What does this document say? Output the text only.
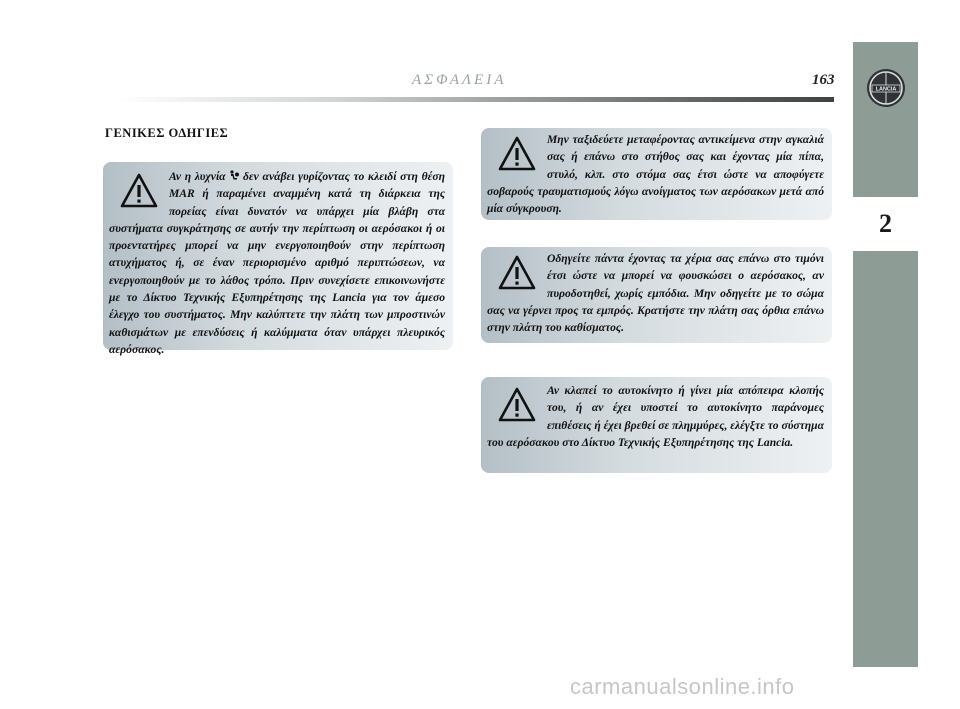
ΑΣΦΑΛΕΙΑ	163
LANCIA
2
ΓΕΝΙΚΕΣ ΟΔΗΓΙΕΣ

Αν η λυχνία  δεν ανάβει γυρίζοντας το κλειδί στη θέση MAR ή παραμένει αναμμένη κατά τη διάρκεια της πορείας είναι δυνατόν να υπάρχει μία βλάβη στα συστήματα συγκράτησης σε αυτήν την περίπτωση οι αερόσακοι ή οι προεντατήρες μπορεί να μην ενεργοποιηθούν στην περίπτωση ατυχήματος ή, σε έναν περιορισμένο αριθμό περιπτώσεων, να ενεργοποιηθούν με το λάθος τρόπο. Πριν συνεχίσετε επικοινωνήστε με το Δίκτυο Τεχνικής Εξυπηρέτησης της Lancia για τον άμεσο έλεγχο του συστήματος. Μην καλύπτετε την πλάτη των μπροστινών καθισμάτων με επενδύσεις ή καλύμματα όταν υπάρχει πλευρικός αερόσακος.

Μην ταξιδεύετε μεταφέροντας αντικείμενα στην αγκαλιά σας ή επάνω στο στήθος σας και έχοντας μία πίπα, στυλό, κλπ. στο στόμα σας έτσι ώστε να αποφύγετε σοβαρούς τραυματισμούς λόγω ανοίγματος των αερόσακων μετά από μία σύγκρουση.

Οδηγείτε πάντα έχοντας τα χέρια σας επάνω στο τιμόνι έτσι ώστε να μπορεί να φουσκώσει ο αερόσακος, αν πυροδοτηθεί, χωρίς εμπόδια. Μην οδηγείτε με το σώμα σας να γέρνει προς τα εμπρός. Κρατήστε την πλάτη σας όρθια επάνω στην πλάτη του καθίσματος.

Αν κλαπεί το αυτοκίνητο ή γίνει μία απόπειρα κλοπής του, ή αν έχει υποστεί το αυτοκίνητο παράνομες επιθέσεις ή έχει βρεθεί σε πλημμύρες, ελέγξτε το σύστημα του αερόσακου στο Δίκτυο Τεχνικής Εξυπηρέτησης της Lancia.

carmanualsonline.info
